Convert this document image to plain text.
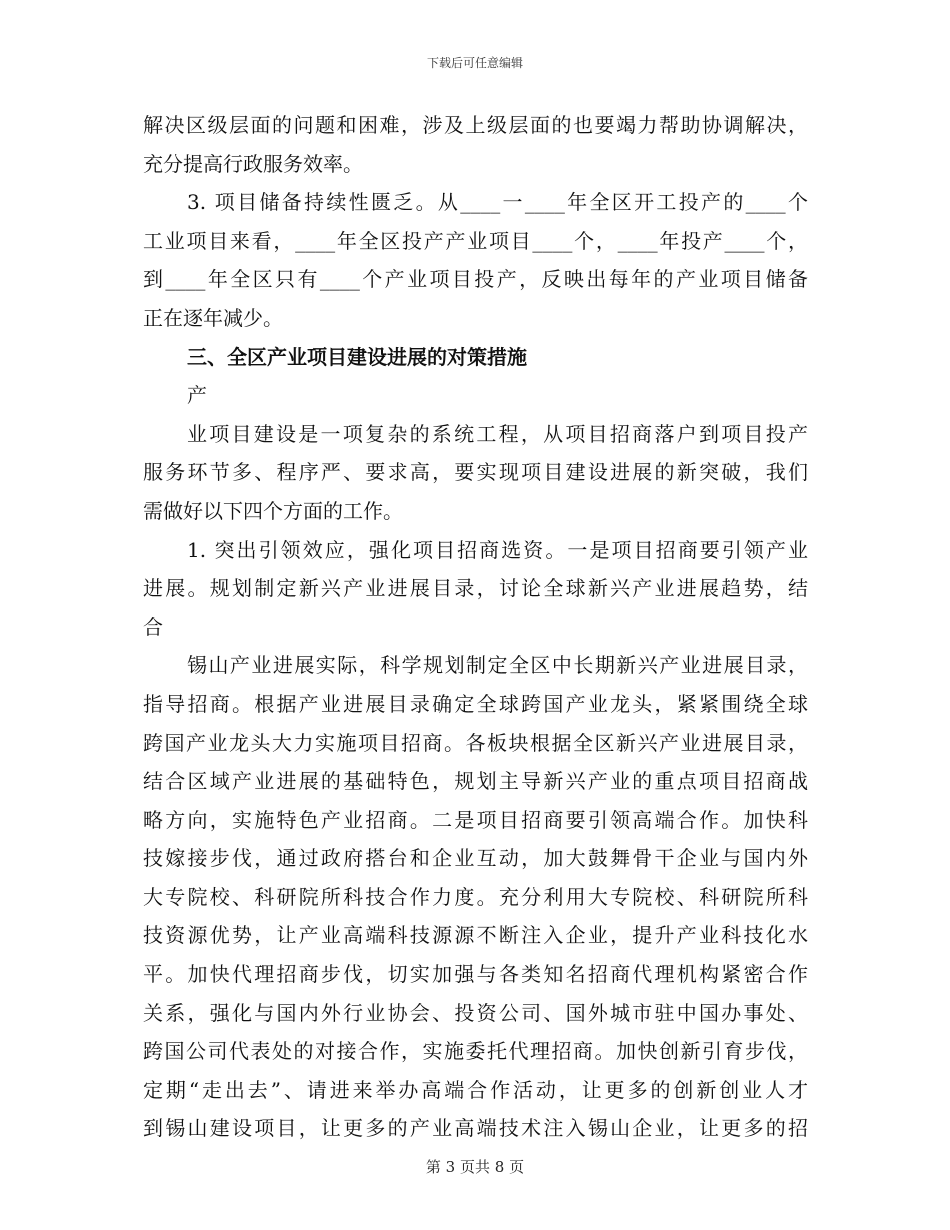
下载后可任意编辑
解决区级层面的问题和困难，涉及上级层面的也要竭力帮助协调解决，
充分提高行政服务效率。
3. 项目储备持续性匮乏。从____一____年全区开工投产的____个
工业项目来看，____年全区投产产业项目____个，____年投产____个，
到____年全区只有____个产业项目投产，反映出每年的产业项目储备
正在逐年减少。
三、全区产业项目建设进展的对策措施
产
业项目建设是一项复杂的系统工程，从项目招商落户到项目投产
服务环节多、程序严、要求高，要实现项目建设进展的新突破，我们
需做好以下四个方面的工作。
1. 突出引领效应，强化项目招商选资。一是项目招商要引领产业
进展。规划制定新兴产业进展目录，讨论全球新兴产业进展趋势，结
合
锡山产业进展实际，科学规划制定全区中长期新兴产业进展目录，
指导招商。根据产业进展目录确定全球跨国产业龙头，紧紧围绕全球
跨国产业龙头大力实施项目招商。各板块根据全区新兴产业进展目录，
结合区域产业进展的基础特色，规划主导新兴产业的重点项目招商战
略方向，实施特色产业招商。二是项目招商要引领高端合作。加快科
技嫁接步伐，通过政府搭台和企业互动，加大鼓舞骨干企业与国内外
大专院校、科研院所科技合作力度。充分利用大专院校、科研院所科
技资源优势，让产业高端科技源源不断注入企业，提升产业科技化水
平。加快代理招商步伐，切实加强与各类知名招商代理机构紧密合作
关系，强化与国内外行业协会、投资公司、国外城市驻中国办事处、
跨国公司代表处的对接合作，实施委托代理招商。加快创新引育步伐，
定期“走出去”、请进来举办高端合作活动，让更多的创新创业人才
到锡山建设项目，让更多的产业高端技术注入锡山企业，让更多的招
第 3 页共 8 页
